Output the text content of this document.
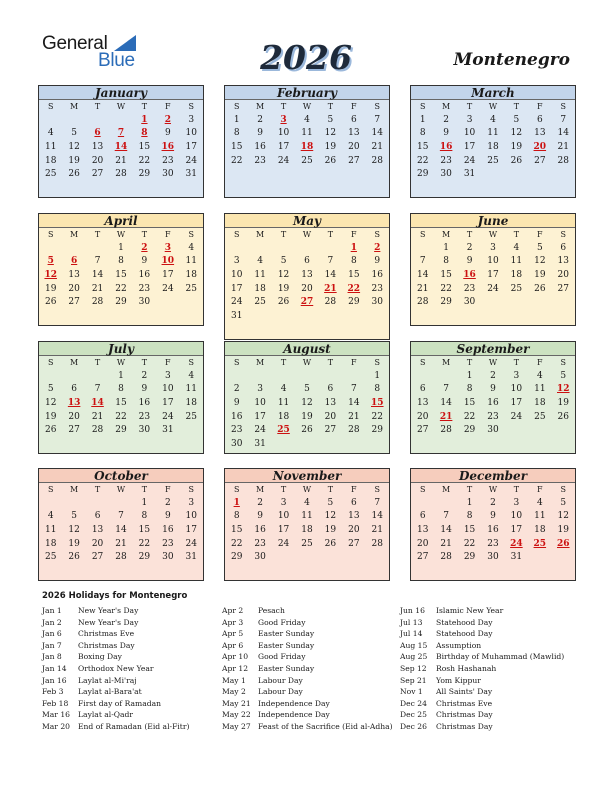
General
Blue	2026	Montenegro
January
S	M	T	W	T	F	S
				1	2	3
4	5	6	7	8	9	10
11	12	13	14	15	16	17
18	19	20	21	22	23	24
25	26	27	28	29	30	31
February
S	M	T	W	T	F	S
1	2	3	4	5	6	7
8	9	10	11	12	13	14
15	16	17	18	19	20	21
22	23	24	25	26	27	28
March
S	M	T	W	T	F	S
1	2	3	4	5	6	7
8	9	10	11	12	13	14
15	16	17	18	19	20	21
22	23	24	25	26	27	28
29	30	31				
April
S	M	T	W	T	F	S
			1	2	3	4
5	6	7	8	9	10	11
12	13	14	15	16	17	18
19	20	21	22	23	24	25
26	27	28	29	30		
May
S	M	T	W	T	F	S
					1	2
3	4	5	6	7	8	9
10	11	12	13	14	15	16
17	18	19	20	21	22	23
24	25	26	27	28	29	30
31						
June
S	M	T	W	T	F	S
	1	2	3	4	5	6
7	8	9	10	11	12	13
14	15	16	17	18	19	20
21	22	23	24	25	26	27
28	29	30				
July
S	M	T	W	T	F	S
			1	2	3	4
5	6	7	8	9	10	11
12	13	14	15	16	17	18
19	20	21	22	23	24	25
26	27	28	29	30	31	
August
S	M	T	W	T	F	S
						1
2	3	4	5	6	7	8
9	10	11	12	13	14	15
16	17	18	19	20	21	22
23	24	25	26	27	28	29
30	31					
September
S	M	T	W	T	F	S
		1	2	3	4	5
6	7	8	9	10	11	12
13	14	15	16	17	18	19
20	21	22	23	24	25	26
27	28	29	30			
October
S	M	T	W	T	F	S
				1	2	3
4	5	6	7	8	9	10
11	12	13	14	15	16	17
18	19	20	21	22	23	24
25	26	27	28	29	30	31
November
S	M	T	W	T	F	S
1	2	3	4	5	6	7
8	9	10	11	12	13	14
15	16	17	18	19	20	21
22	23	24	25	26	27	28
29	30					
December
S	M	T	W	T	F	S
		1	2	3	4	5
6	7	8	9	10	11	12
13	14	15	16	17	18	19
20	21	22	23	24	25	26
27	28	29	30	31		
2026 Holidays for Montenegro
Jan 1 New Year's Day
Jan 2 New Year's Day
Jan 6 Christmas Eve
Jan 7 Christmas Day
Jan 8 Boxing Day
Jan 14 Orthodox New Year
Jan 16 Laylat al-Mi'raj
Feb 3 Laylat al-Bara'at
Feb 18 First day of Ramadan
Mar 16 Laylat al-Qadr
Mar 20 End of Ramadan (Eid al-Fitr)
Apr 2 Pesach
Apr 3 Good Friday
Apr 5 Easter Sunday
Apr 6 Easter Sunday
Apr 10 Good Friday
Apr 12 Easter Sunday
May 1 Labour Day
May 2 Labour Day
May 21 Independence Day
May 22 Independence Day
May 27 Feast of the Sacrifice (Eid al-Adha)
Jun 16 Islamic New Year
Jul 13 Statehood Day
Jul 14 Statehood Day
Aug 15 Assumption
Aug 25 Birthday of Muhammad (Mawlid)
Sep 12 Rosh Hashanah
Sep 21 Yom Kippur
Nov 1 All Saints' Day
Dec 24 Christmas Eve
Dec 25 Christmas Day
Dec 26 Christmas Day
